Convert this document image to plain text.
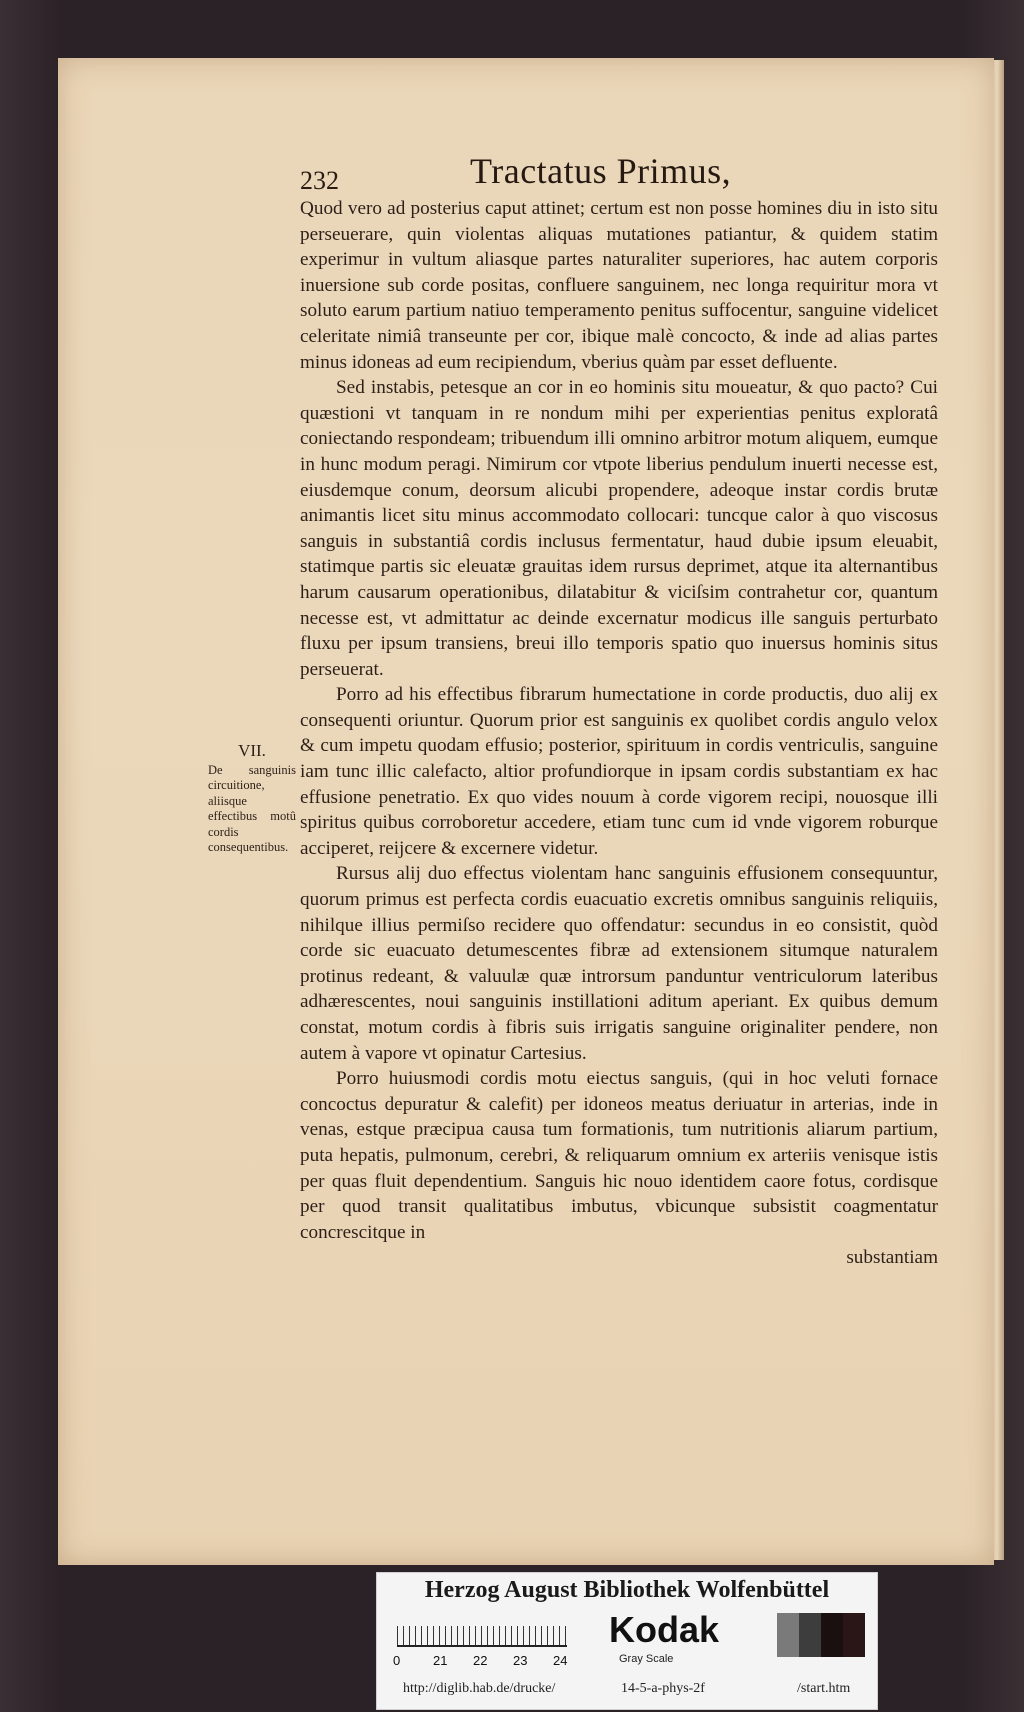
232	Tractatus Primus,

Quod vero ad posterius caput attinet; certum est non posse homines diu in isto situ perseuerare, quin violentas aliquas mutationes patiantur, & quidem statim experimur in vultum aliasque partes naturaliter superiores, hac autem corporis inuersione sub corde positas, confluere sanguinem, nec longa requiritur mora vt soluto earum partium natiuo temperamento penitus suffocentur, sanguine videlicet celeritate nimiâ transeunte per cor, ibique malè concocto, & inde ad alias partes minus idoneas ad eum recipiendum, vberius quàm par esset defluente.

Sed instabis, petesque an cor in eo hominis situ moueatur, & quo pacto? Cui quæstioni vt tanquam in re nondum mihi per experientias penitus exploratâ coniectando respondeam; tribuendum illi omnino arbitror motum aliquem, eumque in hunc modum peragi. Nimirum cor vtpote liberius pendulum inuerti necesse est, eiusdemque conum, deorsum alicubi propendere, adeoque instar cordis brutæ animantis licet situ minus accommodato collocari: tuncque calor à quo viscosus sanguis in substantiâ cordis inclusus fermentatur, haud dubie ipsum eleuabit, statimque partis sic eleuatæ grauitas idem rursus deprimet, atque ita alternantibus harum causarum operationibus, dilatabitur & viciſsim contrahetur cor, quantum necesse est, vt admittatur ac deinde excernatur modicus ille sanguis perturbato fluxu per ipsum transiens, breui illo temporis spatio quo inuersus hominis situs perseuerat.

Porro ad his effectibus fibrarum humectatione in corde productis, duo alij ex consequenti oriuntur. Quorum prior est sanguinis ex quolibet cordis angulo velox & cum impetu quodam effusio; posterior, spirituum in cordis ventriculis, sanguine iam tunc illic calefacto, altior profundiorque in ipsam cordis substantiam ex hac effusione penetratio. Ex quo vides nouum à corde vigorem recipi, nouosque illi spiritus quibus corroboretur accedere, etiam tunc cum id vnde vigorem roburque acciperet, reijcere & excernere videtur.

Rursus alij duo effectus violentam hanc sanguinis effusionem consequuntur, quorum primus est perfecta cordis euacuatio excretis omnibus sanguinis reliquiis, nihilque illius permiſso recidere quo offendatur: secundus in eo consistit, quòd corde sic euacuato detumescentes fibræ ad extensionem situmque naturalem protinus redeant, & valuulæ quæ introrsum panduntur ventriculorum lateribus adhærescentes, noui sanguinis instillationi aditum aperiant. Ex quibus demum constat, motum cordis à fibris suis irrigatis sanguine originaliter pendere, non autem à vapore vt opinatur Cartesius.

Porro huiusmodi cordis motu eiectus sanguis, (qui in hoc veluti fornace concoctus depuratur & calefit) per idoneos meatus deriuatur in arterias, inde in venas, estque præcipua causa tum formationis, tum nutritionis aliarum partium, puta hepatis, pulmonum, cerebri, & reliquarum omnium ex arteriis venisque istis per quas fluit dependentium. Sanguis hic nouo identidem caore fotus, cordisque per quod transit qualitatibus imbutus, vbicunque subsistit coagmentatur concrescitque in

substantiam

VII.
De sanguinis circuitione, aliisque effectibus motû cordis consequentibus.
Herzog August Bibliothek Wolfenbüttel
0	21 22 23 24
Kodak
Gray Scale
http://diglib.hab.de/drucke/	14-5-a-phys-2f	/start.htm
